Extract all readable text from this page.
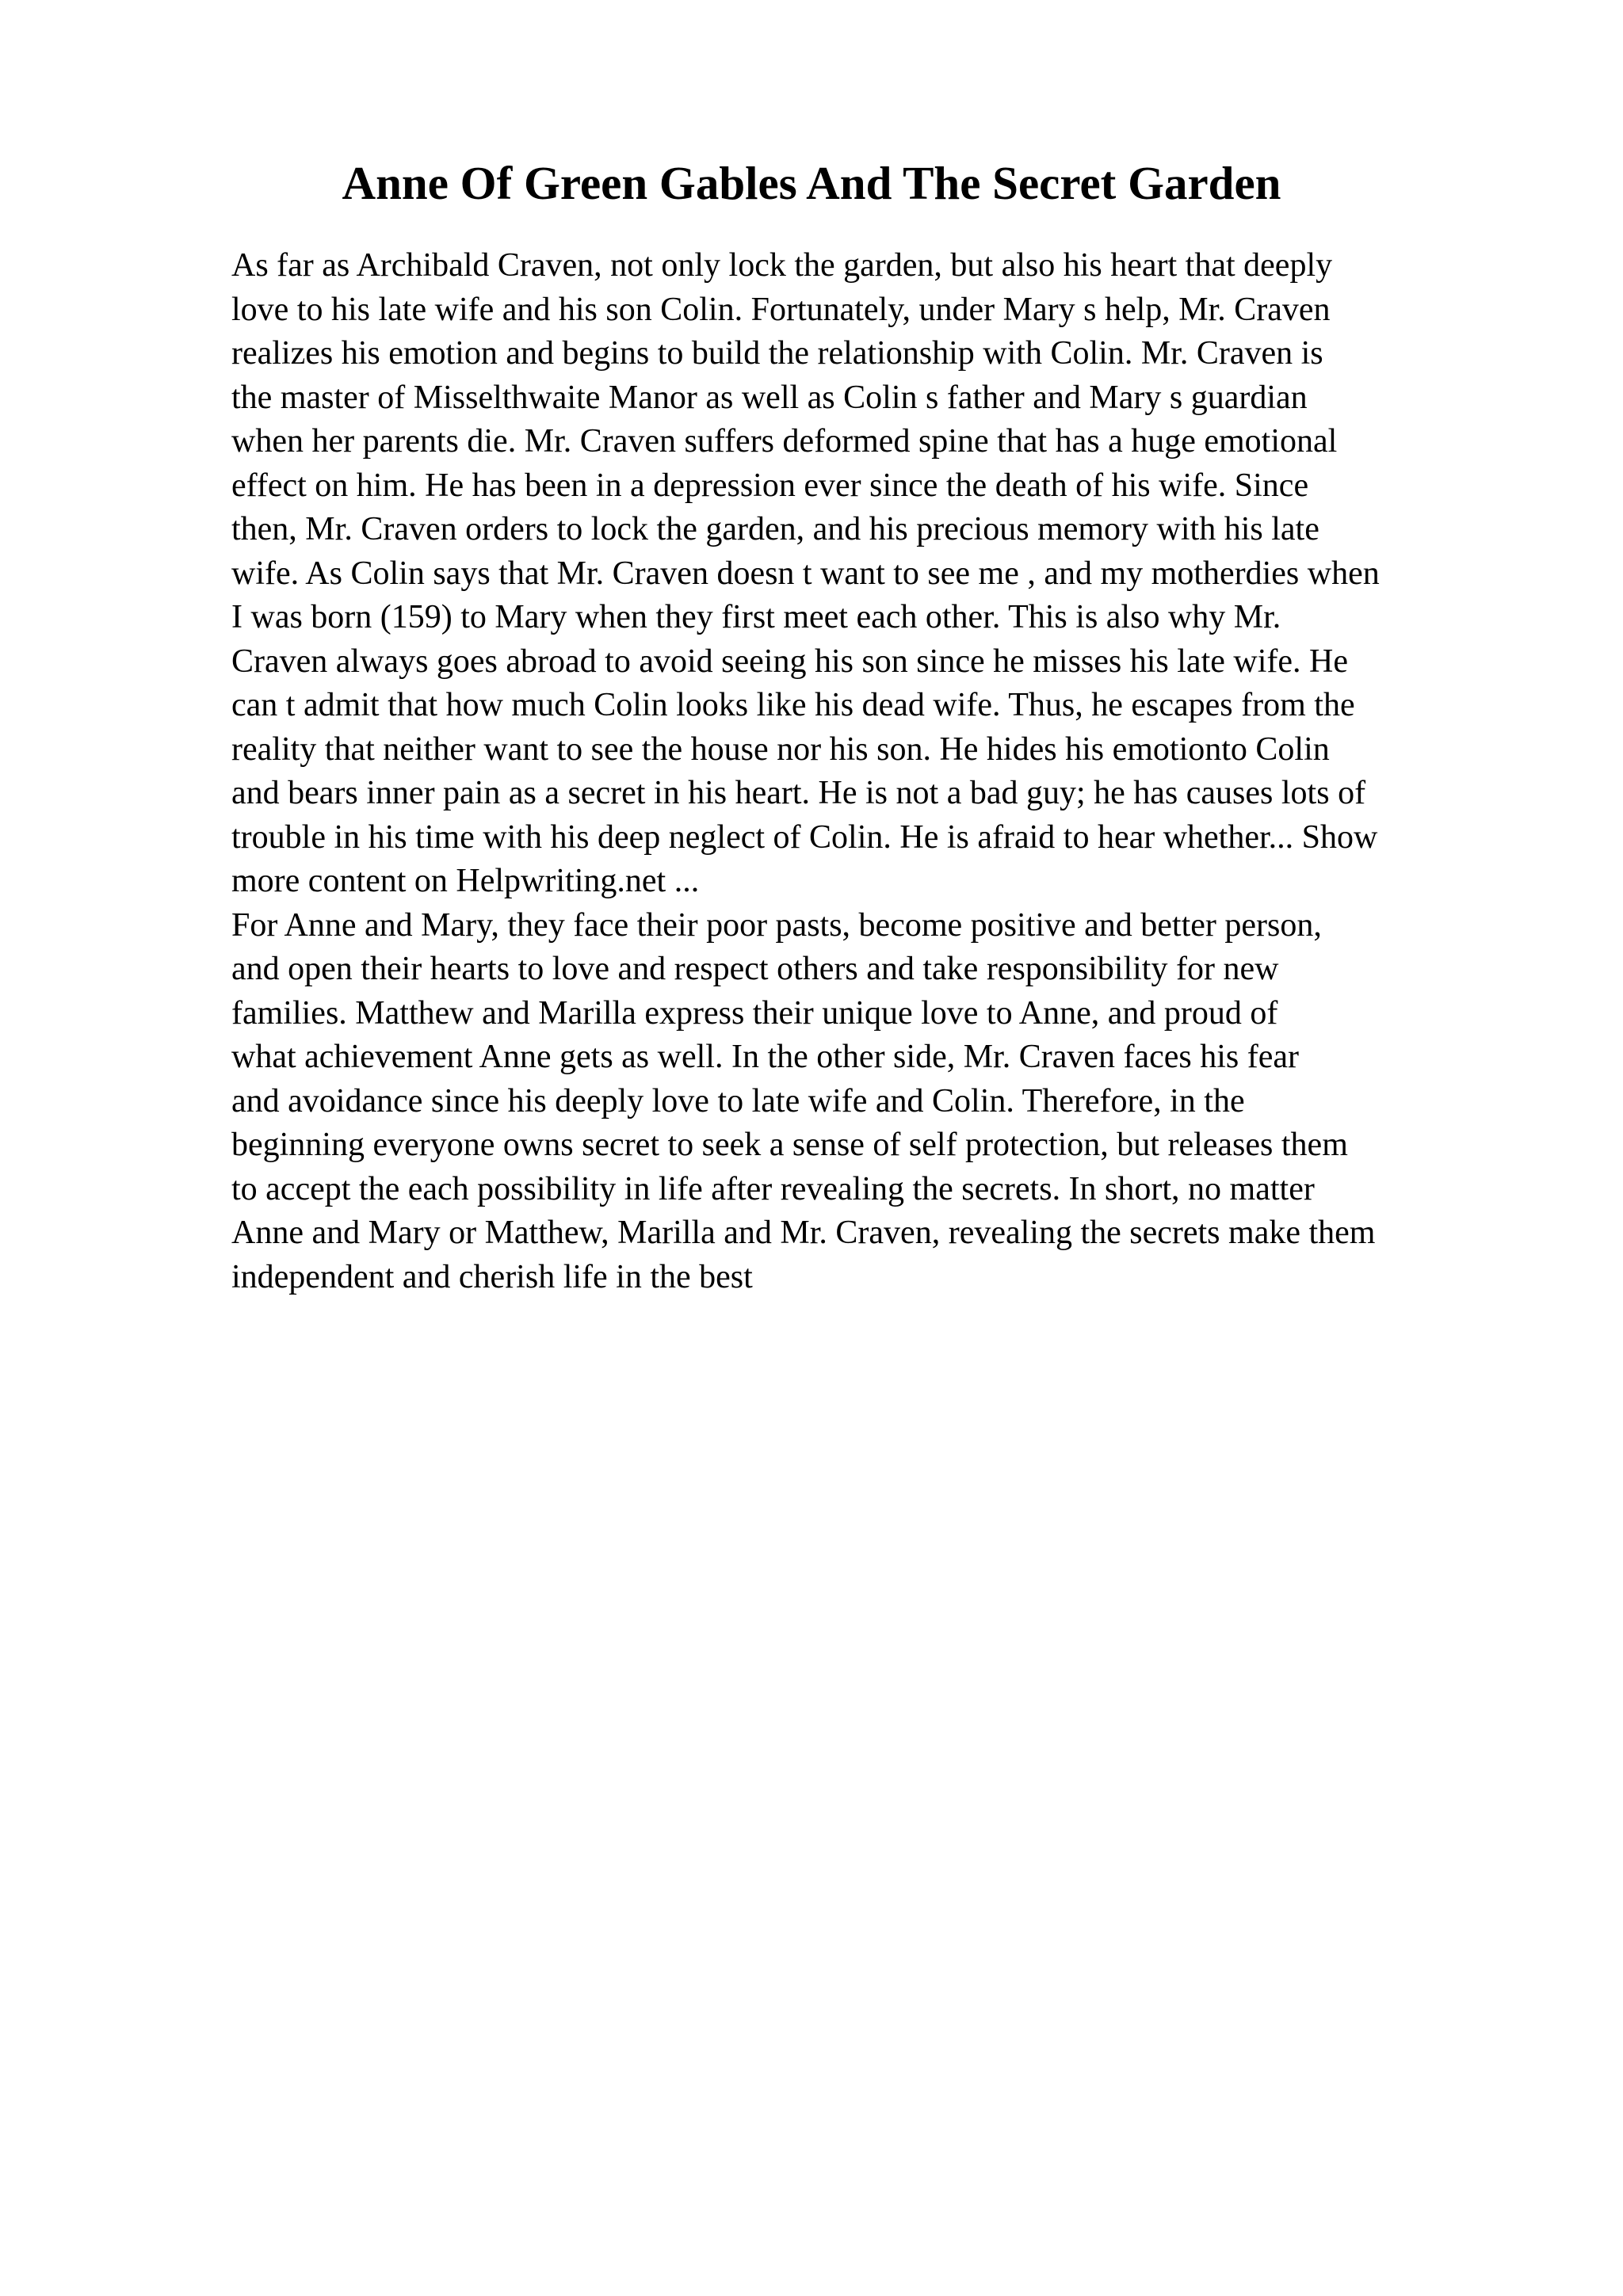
Anne Of Green Gables And The Secret Garden

As far as Archibald Craven, not only lock the garden, but also his heart that deeply

love to his late wife and his son Colin. Fortunately, under Mary s help, Mr. Craven

realizes his emotion and begins to build the relationship with Colin. Mr. Craven is

the master of Misselthwaite Manor as well as Colin s father and Mary s guardian

when her parents die. Mr. Craven suffers deformed spine that has a huge emotional

effect on him. He has been in a depression ever since the death of his wife. Since

then, Mr. Craven orders to lock the garden, and his precious memory with his late

wife. As Colin says that Mr. Craven doesn t want to see me , and my motherdies when

I was born (159) to Mary when they first meet each other. This is also why Mr.

Craven always goes abroad to avoid seeing his son since he misses his late wife. He

can t admit that how much Colin looks like his dead wife. Thus, he escapes from the

reality that neither want to see the house nor his son. He hides his emotionto Colin

and bears inner pain as a secret in his heart. He is not a bad guy; he has causes lots of

trouble in his time with his deep neglect of Colin. He is afraid to hear whether... Show

more content on Helpwriting.net ...

For Anne and Mary, they face their poor pasts, become positive and better person,

and open their hearts to love and respect others and take responsibility for new

families. Matthew and Marilla express their unique love to Anne, and proud of

what achievement Anne gets as well. In the other side, Mr. Craven faces his fear

and avoidance since his deeply love to late wife and Colin. Therefore, in the

beginning everyone owns secret to seek a sense of self protection, but releases them

to accept the each possibility in life after revealing the secrets. In short, no matter

Anne and Mary or Matthew, Marilla and Mr. Craven, revealing the secrets make them

independent and cherish life in the best
